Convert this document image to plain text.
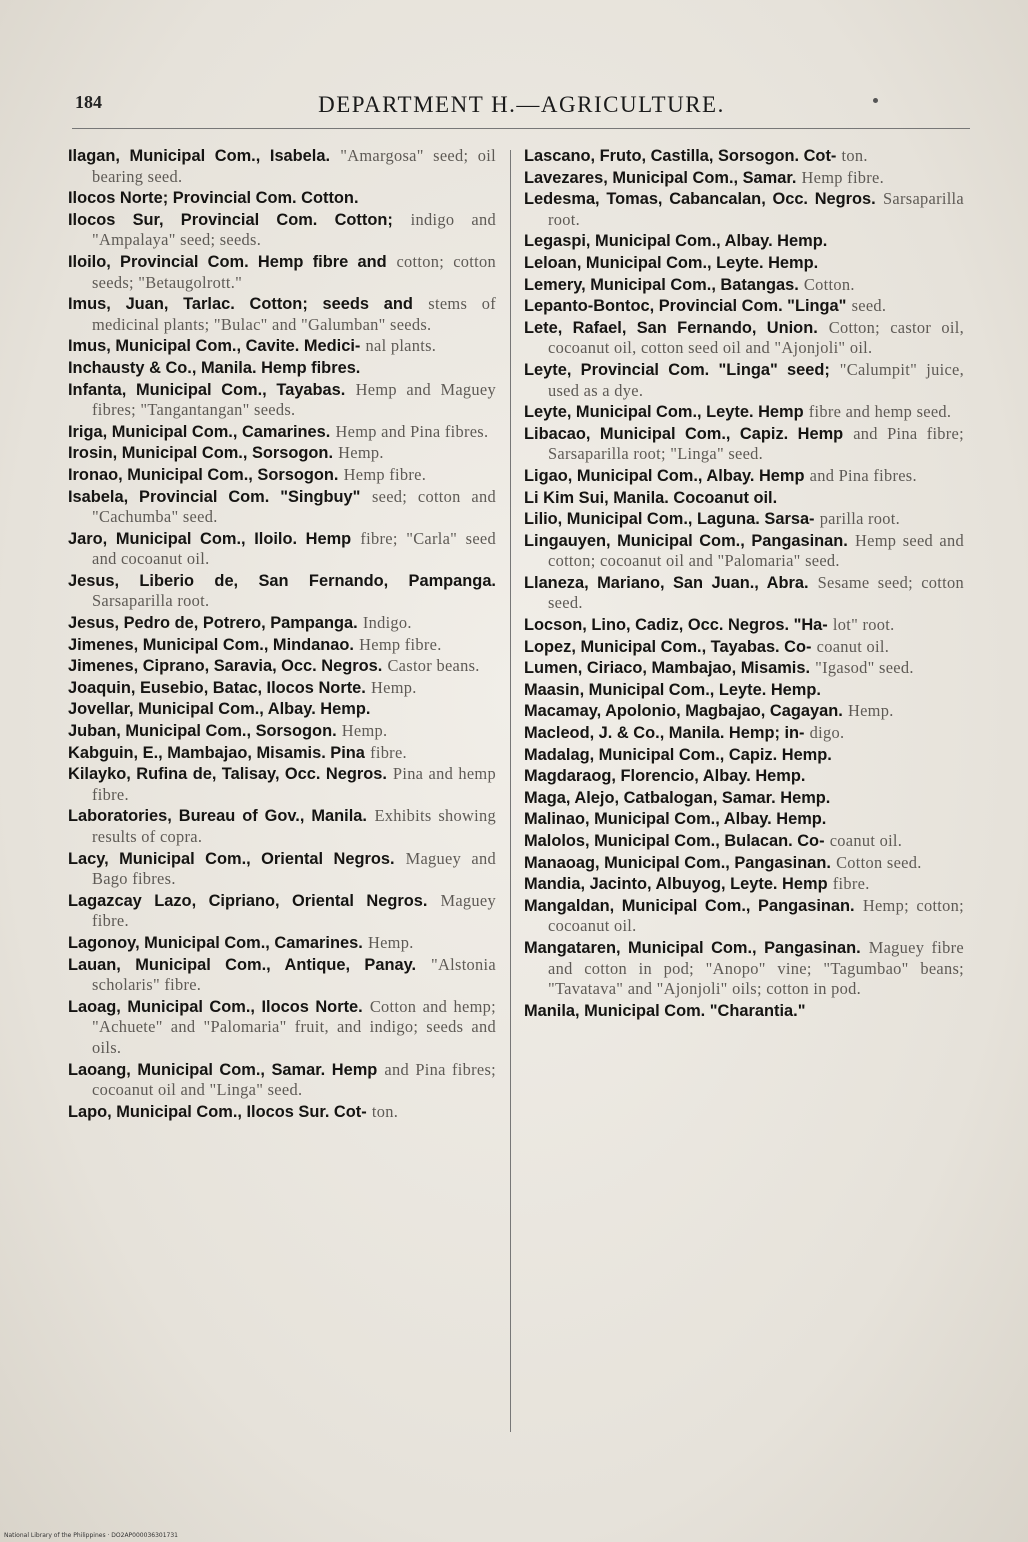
184	DEPARTMENT H.—AGRICULTURE.

Ilagan, Municipal Com., Isabela. "Amargosa" seed; oil bearing seed.

Ilocos Norte; Provincial Com. Cotton.

Ilocos Sur, Provincial Com. Cotton; indigo and "Ampalaya" seed; seeds.

Iloilo, Provincial Com. Hemp fibre and cotton; cotton seeds; "Betaugolrott."

Imus, Juan, Tarlac. Cotton; seeds and stems of medicinal plants; "Bulac" and "Galumban" seeds.

Imus, Municipal Com., Cavite. Medici- nal plants.

Inchausty & Co., Manila. Hemp fibres.

Infanta, Municipal Com., Tayabas. Hemp and Maguey fibres; "Tangantangan" seeds.

Iriga, Municipal Com., Camarines. Hemp and Pina fibres.

Irosin, Municipal Com., Sorsogon. Hemp.

Ironao, Municipal Com., Sorsogon. Hemp fibre.

Isabela, Provincial Com. "Singbuy" seed; cotton and "Cachumba" seed.

Jaro, Municipal Com., Iloilo. Hemp fibre; "Carla" seed and cocoanut oil.

Jesus, Liberio de, San Fernando, Pampanga. Sarsaparilla root.

Jesus, Pedro de, Potrero, Pampanga. Indigo.

Jimenes, Municipal Com., Mindanao. Hemp fibre.

Jimenes, Ciprano, Saravia, Occ. Negros. Castor beans.

Joaquin, Eusebio, Batac, Ilocos Norte. Hemp.

Jovellar, Municipal Com., Albay. Hemp.

Juban, Municipal Com., Sorsogon. Hemp.

Kabguin, E., Mambajao, Misamis. Pina fibre.

Kilayko, Rufina de, Talisay, Occ. Negros. Pina and hemp fibre.

Laboratories, Bureau of Gov., Manila. Exhibits showing results of copra.

Lacy, Municipal Com., Oriental Negros. Maguey and Bago fibres.

Lagazcay Lazo, Cipriano, Oriental Negros. Maguey fibre.

Lagonoy, Municipal Com., Camarines. Hemp.

Lauan, Municipal Com., Antique, Panay. "Alstonia scholaris" fibre.

Laoag, Municipal Com., Ilocos Norte. Cotton and hemp; "Achuete" and "Palomaria" fruit, and indigo; seeds and oils.

Laoang, Municipal Com., Samar. Hemp and Pina fibres; cocoanut oil and "Linga" seed.

Lapo, Municipal Com., Ilocos Sur. Cot- ton.

Lascano, Fruto, Castilla, Sorsogon. Cot- ton.

Lavezares, Municipal Com., Samar. Hemp fibre.

Ledesma, Tomas, Cabancalan, Occ. Negros. Sarsaparilla root.

Legaspi, Municipal Com., Albay. Hemp.

Leloan, Municipal Com., Leyte. Hemp.

Lemery, Municipal Com., Batangas. Cotton.

Lepanto-Bontoc, Provincial Com. "Linga" seed.

Lete, Rafael, San Fernando, Union. Cotton; castor oil, cocoanut oil, cotton seed oil and "Ajonjoli" oil.

Leyte, Provincial Com. "Linga" seed; "Calumpit" juice, used as a dye.

Leyte, Municipal Com., Leyte. Hemp fibre and hemp seed.

Libacao, Municipal Com., Capiz. Hemp and Pina fibre; Sarsaparilla root; "Linga" seed.

Ligao, Municipal Com., Albay. Hemp and Pina fibres.

Li Kim Sui, Manila. Cocoanut oil.

Lilio, Municipal Com., Laguna. Sarsa- parilla root.

Lingauyen, Municipal Com., Pangasinan. Hemp seed and cotton; cocoanut oil and "Palomaria" seed.

Llaneza, Mariano, San Juan., Abra. Sesame seed; cotton seed.

Locson, Lino, Cadiz, Occ. Negros. "Ha- lot" root.

Lopez, Municipal Com., Tayabas. Co- coanut oil.

Lumen, Ciriaco, Mambajao, Misamis. "Igasod" seed.

Maasin, Municipal Com., Leyte. Hemp.

Macamay, Apolonio, Magbajao, Cagayan. Hemp.

Macleod, J. & Co., Manila. Hemp; in- digo.

Madalag, Municipal Com., Capiz. Hemp.

Magdaraog, Florencio, Albay. Hemp.

Maga, Alejo, Catbalogan, Samar. Hemp.

Malinao, Municipal Com., Albay. Hemp.

Malolos, Municipal Com., Bulacan. Co- coanut oil.

Manaoag, Municipal Com., Pangasinan. Cotton seed.

Mandia, Jacinto, Albuyog, Leyte. Hemp fibre.

Mangaldan, Municipal Com., Pangasinan. Hemp; cotton; cocoanut oil.

Mangataren, Municipal Com., Pangasinan. Maguey fibre and cotton in pod; "Anopo" vine; "Tagumbao" beans; "Tavatava" and "Ajonjoli" oils; cotton in pod.

Manila, Municipal Com. "Charantia."

National Library of the Philippines · DO2AP000036301731
